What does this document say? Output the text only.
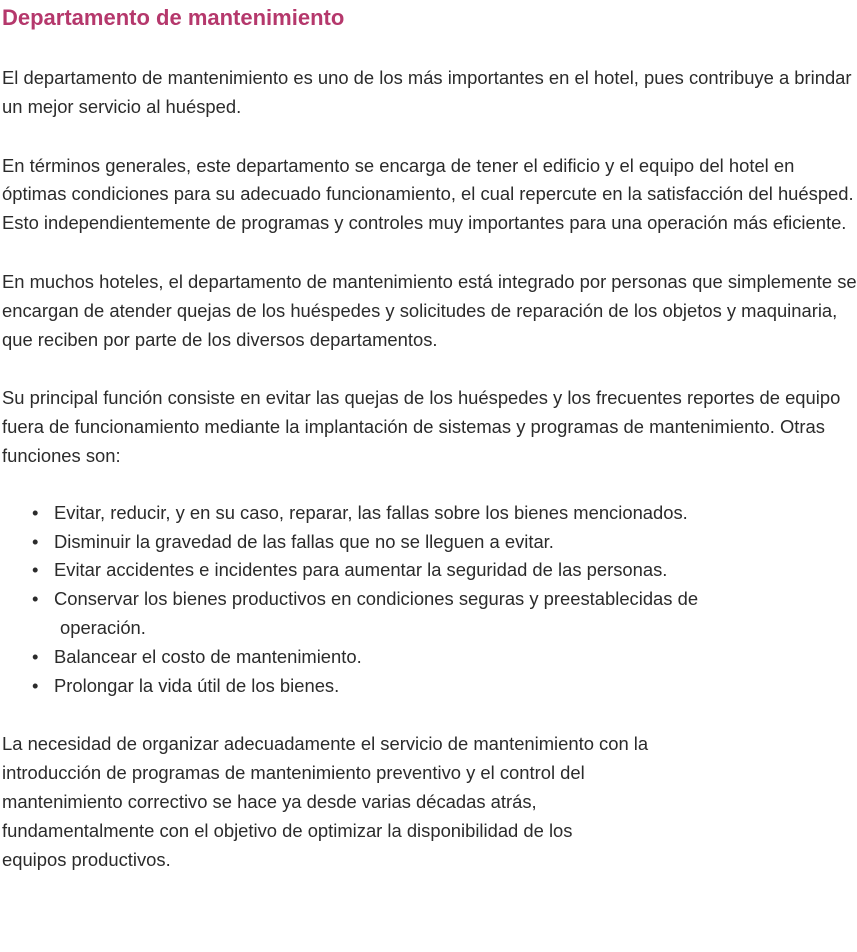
Departamento de mantenimiento

El departamento de mantenimiento es uno de los más importantes en el hotel, pues contribuye a brindar un mejor servicio al huésped.

En términos generales, este departamento se encarga de tener el edificio y el equipo del hotel en óptimas condiciones para su adecuado funcionamiento, el cual repercute en la satisfacción del huésped. Esto independientemente de programas y controles muy importantes para una operación más eficiente.

En muchos hoteles, el departamento de mantenimiento está integrado por personas que simplemente se encargan de atender quejas de los huéspedes y solicitudes de reparación de los objetos y maquinaria, que reciben por parte de los diversos departamentos.

Su principal función consiste en evitar las quejas de los huéspedes y los frecuentes reportes de equipo fuera de funcionamiento mediante la implantación de sistemas y programas de mantenimiento. Otras funciones son:

• Evitar, reducir, y en su caso, reparar, las fallas sobre los bienes mencionados.
• Disminuir la gravedad de las fallas que no se lleguen a evitar.
• Evitar accidentes e incidentes para aumentar la seguridad de las personas.
• Conservar los bienes productivos en condiciones seguras y preestablecidas de
operación.
• Balancear el costo de mantenimiento.
• Prolongar la vida útil de los bienes.

La necesidad de organizar adecuadamente el servicio de mantenimiento con la
introducción de programas de mantenimiento preventivo y el control del
mantenimiento correctivo se hace ya desde varias décadas atrás,
fundamentalmente con el objetivo de optimizar la disponibilidad de los
equipos productivos.
